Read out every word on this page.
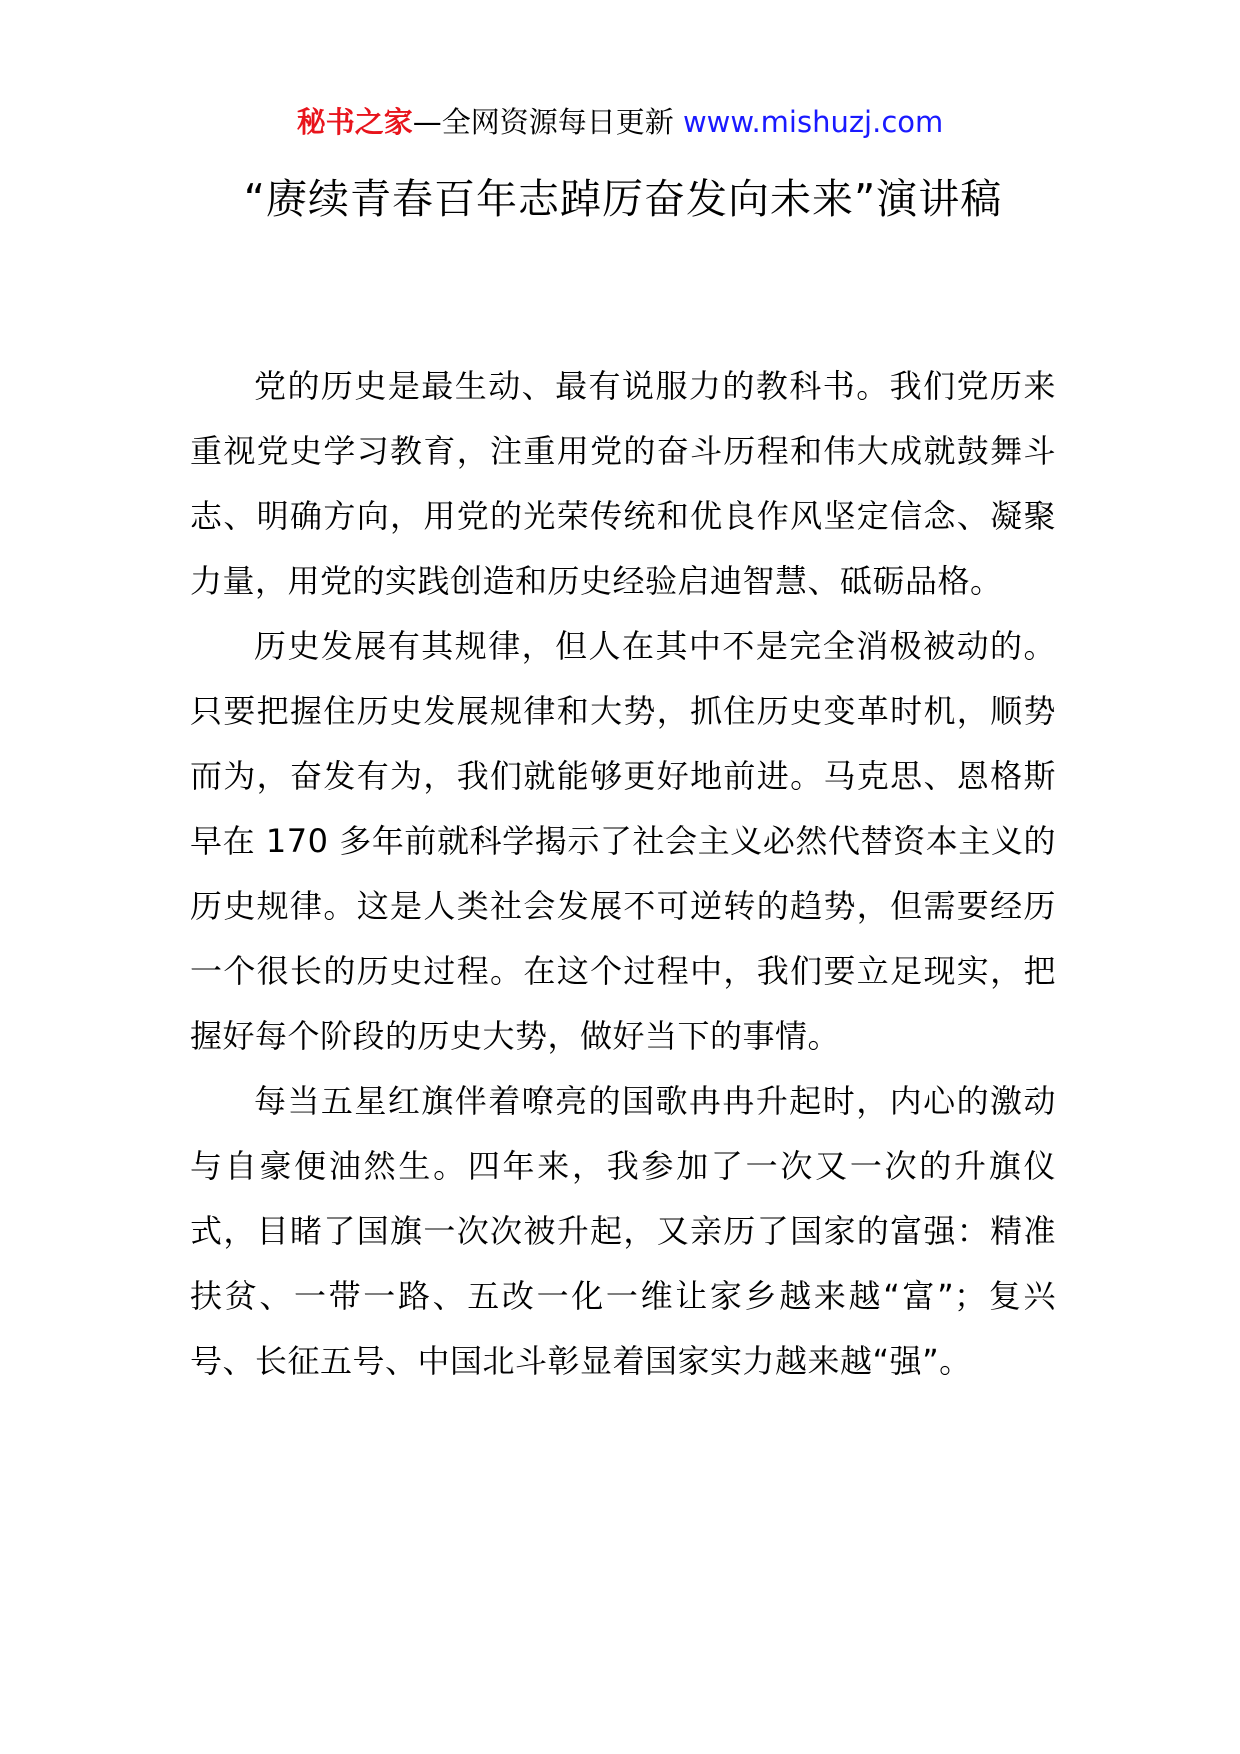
秘书之家—全网资源每日更新 www.mishuzj.com
“赓续青春百年志踔厉奋发向未来”演讲稿

党的历史是最生动、最有说服力的教科书。我们党历来重视党史学习教育，注重用党的奋斗历程和伟大成就鼓舞斗志、明确方向，用党的光荣传统和优良作风坚定信念、凝聚力量，用党的实践创造和历史经验启迪智慧、砥砺品格。

历史发展有其规律，但人在其中不是完全消极被动的。只要把握住历史发展规律和大势，抓住历史变革时机，顺势而为，奋发有为，我们就能够更好地前进。马克思、恩格斯早在 170 多年前就科学揭示了社会主义必然代替资本主义的历史规律。这是人类社会发展不可逆转的趋势，但需要经历一个很长的历史过程。在这个过程中，我们要立足现实，把握好每个阶段的历史大势，做好当下的事情。

每当五星红旗伴着嘹亮的国歌冉冉升起时，内心的激动与自豪便油然生。四年来，我参加了一次又一次的升旗仪式，目睹了国旗一次次被升起，又亲历了国家的富强：精准扶贫、一带一路、五改一化一维让家乡越来越“富”；复兴号、长征五号、中国北斗彰显着国家实力越来越“强”。
